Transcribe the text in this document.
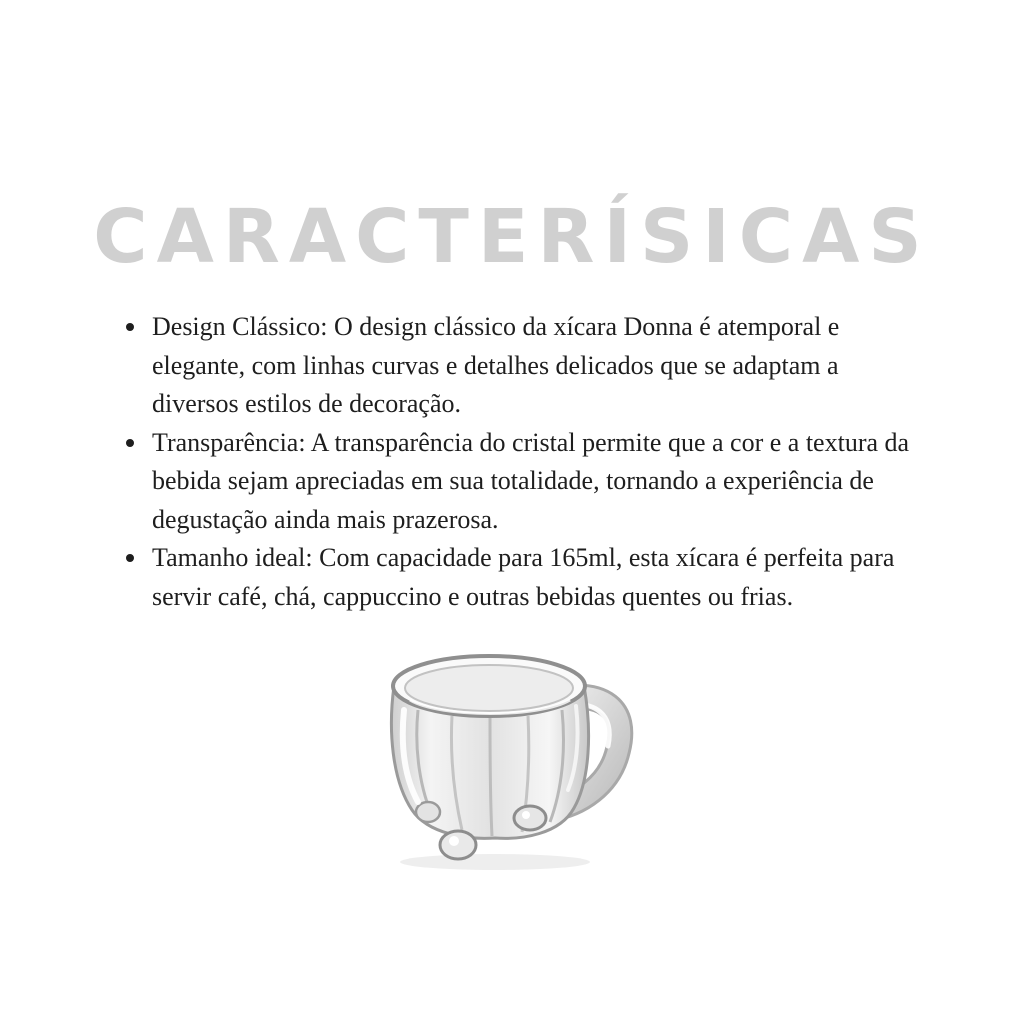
CARACTERÍSICAS
Design Clássico: O design clássico da xícara Donna é atemporal e elegante, com linhas curvas e detalhes delicados que se adaptam a diversos estilos de decoração.
Transparência: A transparência do cristal permite que a cor e a textura da bebida sejam apreciadas em sua totalidade, tornando a experiência de degustação ainda mais prazerosa.
Tamanho ideal: Com capacidade para 165ml, esta xícara é perfeita para servir café, chá, cappuccino e outras bebidas quentes ou frias.
